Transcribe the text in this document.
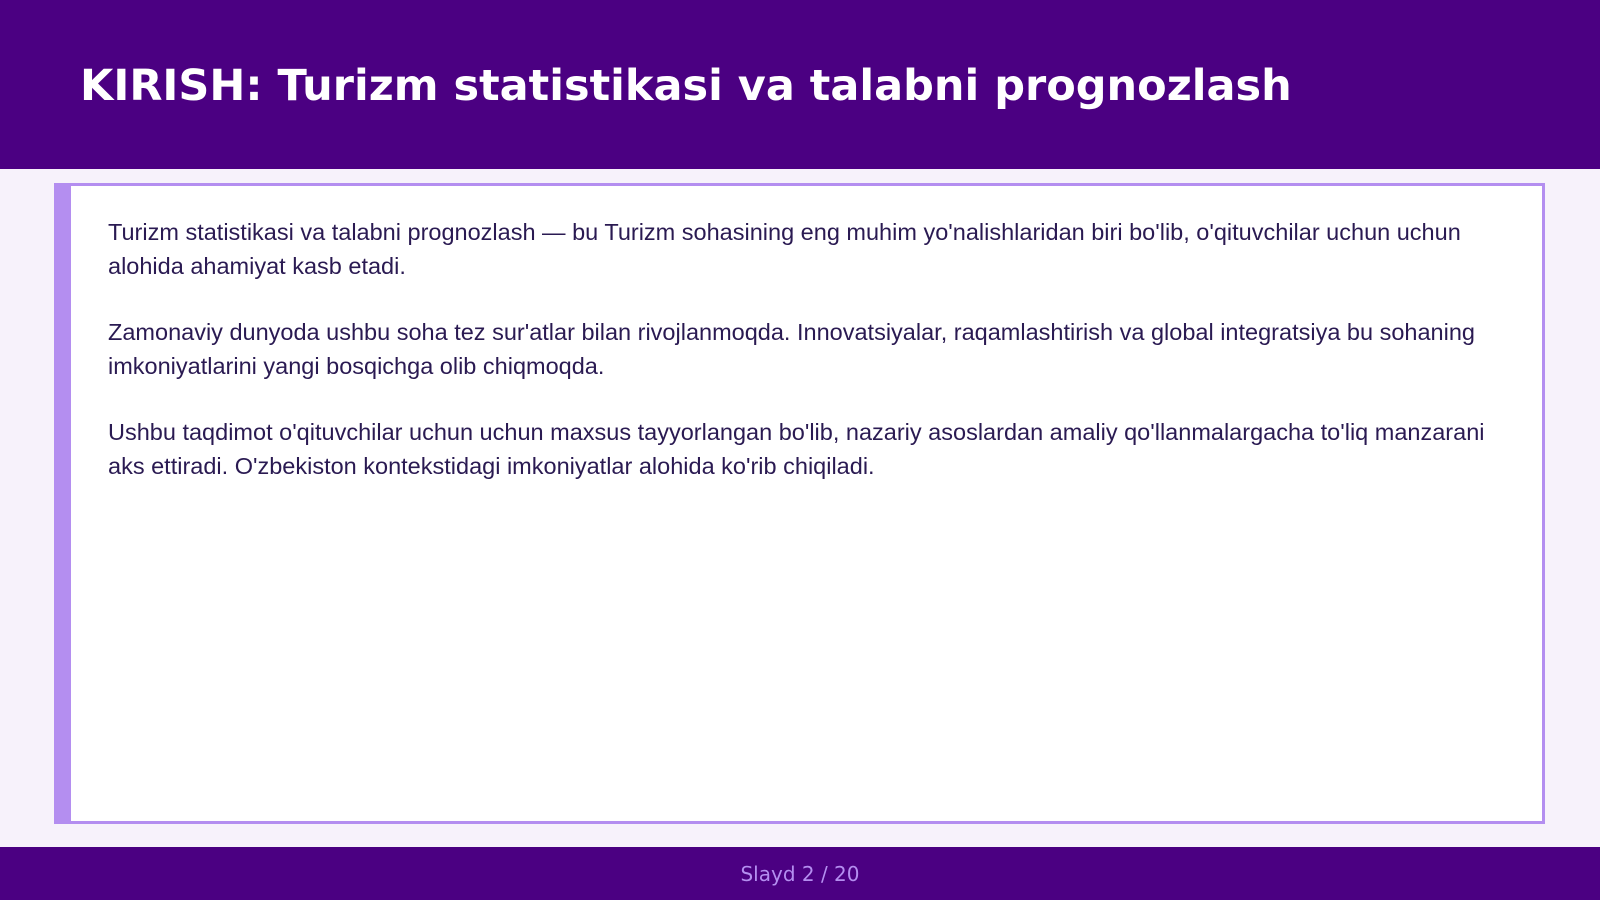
KIRISH: Turizm statistikasi va talabni prognozlash

Turizm statistikasi va talabni prognozlash — bu Turizm sohasining eng muhim yo'nalishlaridan biri bo'lib, o'qituvchilar uchun uchun alohida ahamiyat kasb etadi.

Zamonaviy dunyoda ushbu soha tez sur'atlar bilan rivojlanmoqda. Innovatsiyalar, raqamlashtirish va global integratsiya bu sohaning imkoniyatlarini yangi bosqichga olib chiqmoqda.

Ushbu taqdimot o'qituvchilar uchun uchun maxsus tayyorlangan bo'lib, nazariy asoslardan amaliy qo'llanmalargacha to'liq manzarani aks ettiradi. O'zbekiston kontekstidagi imkoniyatlar alohida ko'rib chiqiladi.

Slayd 2 / 20
